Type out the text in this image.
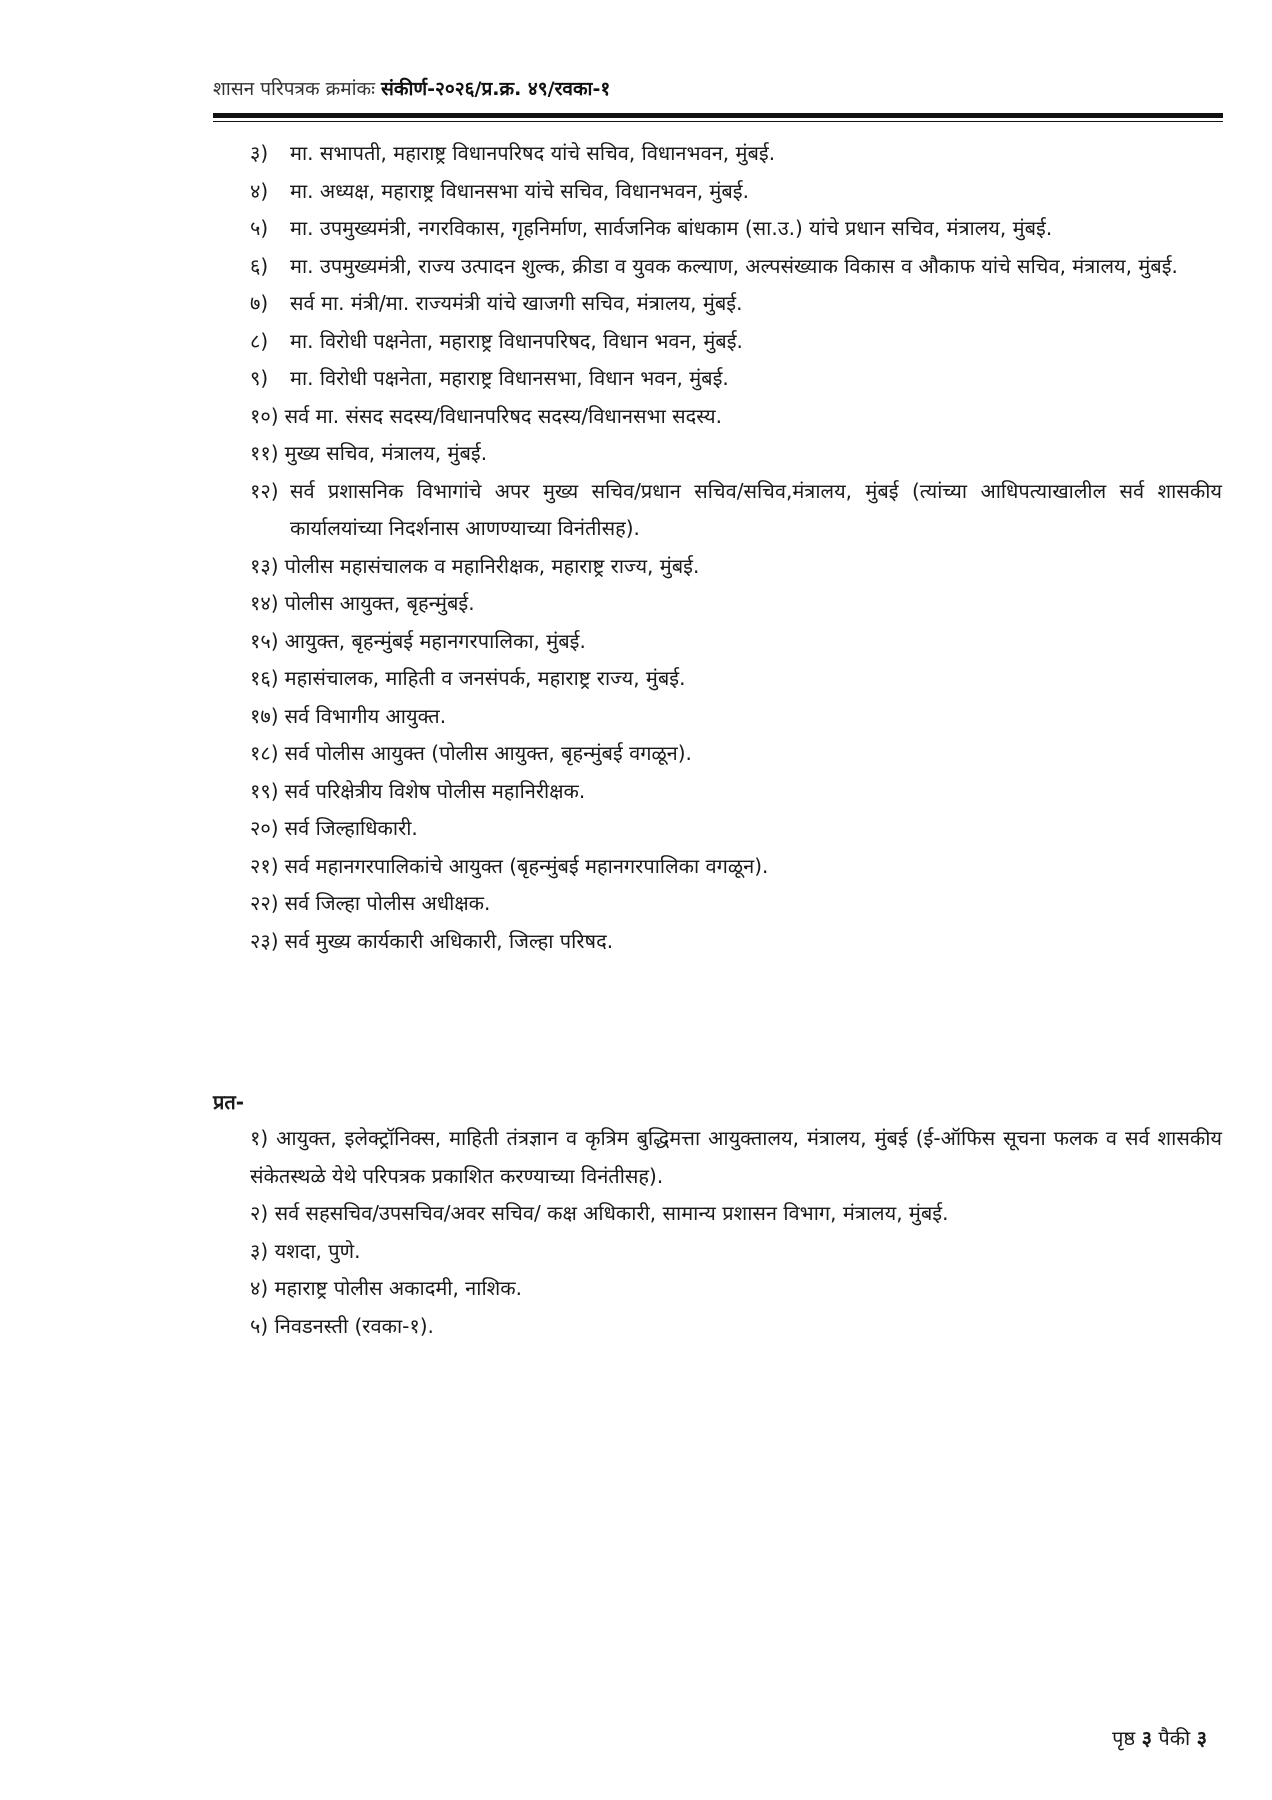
शासन परिपत्रक क्रमांकः संकीर्ण-२०२६/प्र.क्र. ४९/रवका-१
३)	मा. सभापती, महाराष्ट्र विधानपरिषद यांचे सचिव, विधानभवन, मुंबई.
४)	मा. अध्यक्ष, महाराष्ट्र विधानसभा यांचे सचिव, विधानभवन, मुंबई.
५)	मा. उपमुख्यमंत्री, नगरविकास, गृहनिर्माण, सार्वजनिक बांधकाम (सा.उ.) यांचे प्रधान सचिव, मंत्रालय, मुंबई.
६)	मा. उपमुख्यमंत्री, राज्य उत्पादन शुल्क, क्रीडा व युवक कल्याण, अल्पसंख्याक विकास व औकाफ यांचे सचिव, मंत्रालय, मुंबई.
७)	सर्व मा. मंत्री/मा. राज्यमंत्री यांचे खाजगी सचिव, मंत्रालय, मुंबई.
८)	मा. विरोधी पक्षनेता, महाराष्ट्र विधानपरिषद, विधान भवन, मुंबई.
९)	मा. विरोधी पक्षनेता, महाराष्ट्र विधानसभा, विधान भवन, मुंबई.
१०) सर्व मा. संसद सदस्य/विधानपरिषद सदस्य/विधानसभा सदस्य.
११) मुख्य सचिव, मंत्रालय, मुंबई.
१२) सर्व प्रशासनिक विभागांचे अपर मुख्य सचिव/प्रधान सचिव/सचिव,मंत्रालय, मुंबई (त्यांच्या आधिपत्याखालील सर्व शासकीय कार्यालयांच्या निदर्शनास आणण्याच्या विनंतीसह).
१३) पोलीस महासंचालक व महानिरीक्षक, महाराष्ट्र राज्य, मुंबई.
१४) पोलीस आयुक्त, बृहन्मुंबई.
१५) आयुक्त, बृहन्मुंबई महानगरपालिका, मुंबई.
१६) महासंचालक, माहिती व जनसंपर्क, महाराष्ट्र राज्य, मुंबई.
१७) सर्व विभागीय आयुक्त.
१८) सर्व पोलीस आयुक्त (पोलीस आयुक्त, बृहन्मुंबई वगळून).
१९) सर्व परिक्षेत्रीय विशेष पोलीस महानिरीक्षक.
२०) सर्व जिल्हाधिकारी.
२१) सर्व महानगरपालिकांचे आयुक्त (बृहन्मुंबई महानगरपालिका वगळून).
२२) सर्व जिल्हा पोलीस अधीक्षक.
२३) सर्व मुख्य कार्यकारी अधिकारी, जिल्हा परिषद.
प्रत-
१) आयुक्त, इलेक्ट्रॉनिक्स, माहिती तंत्रज्ञान व कृत्रिम बुद्धिमत्ता आयुक्तालय, मंत्रालय, मुंबई (ई-ऑफिस सूचना फलक व सर्व शासकीय संकेतस्थळे येथे परिपत्रक प्रकाशित करण्याच्या विनंतीसह).
२) सर्व सहसचिव/उपसचिव/अवर सचिव/ कक्ष अधिकारी, सामान्य प्रशासन विभाग, मंत्रालय, मुंबई.
३) यशदा, पुणे.
४) महाराष्ट्र पोलीस अकादमी, नाशिक.
५) निवडनस्ती (रवका-१).
पृष्ठ ३ पैकी ३
